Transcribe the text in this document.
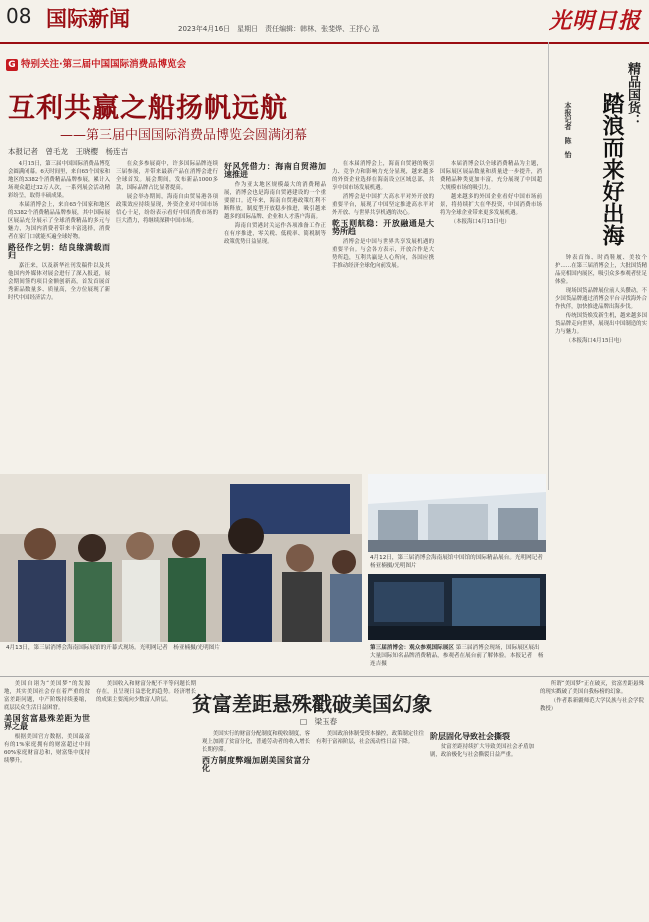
08 国际新闻	2023年4月16日　星期日　责任编辑：韩林、张斐烨、王抒心 泓	光明日报
G 特别关注·第三届中国国际消费品博览会
互利共赢之船扬帆远航
——第三届中国国际消费品博览会圆满闭幕
本报记者　曾毛龙　王晓樱　杨连吉

4月15日，第三届中国国际消费品博览会圆满闭幕。6天时间里，来自65个国家和地区的3382个消费精品品牌参展，累计入场观众超过32万人次，一系列展会活动精彩纷呈，取得丰硕成果。

本届消博会上，来自65个国家和地区的3382个消费精品品牌参展，其中国际展区展品充分展示了全球消费精品的多元与魅力，为国内消费者带来丰富选择，消费者在家门口就能买遍全球好物。

路径作之钥：结良缘满载而归

嘉汪来，以及新华社刊发稿件以及其他国内外媒体对展会进行了深入报道，展会期间签约项目金额创新高，首发首展首秀新品数量多、质量高，全方位展现了新时代中国经济活力。

在众多参展商中，许多国际品牌连续三届参展，并带来最新产品在消博会进行全球首发。展会期间，发布新品1000多款，国际品牌占比显著提高。

展会举办期间，海南自由贸易港各项政策效应持续显现，外资企业对中国市场信心十足，纷纷表示看好中国消费市场的巨大潜力，将继续深耕中国市场。

好风凭借力：海南自贸港加速推进

作为亚太地区规模最大的消费精品展，消博会也是海南自贸港建设的一个重要窗口。近年来，海南自贸港政策红利不断释放，制度型开放稳步推进，吸引越来越多的国际品牌、企业和人才落户海南。

海南自贸港封关运作各项准备工作正在有序推进，零关税、低税率、简税制等政策优势日益显现。

在本届消博会上，海南自贸港的吸引力、竞争力和影响力充分显现，越来越多的外资企业选择在海南设立区域总部，共享中国市场发展机遇。

消博会是中国扩大高水平对外开放的重要平台，展现了中国坚定推进高水平对外开放、与世界共享机遇的决心。

乾玉则航稳：开放融通是大势所趋

消博会是中国与世界共享发展机遇的重要平台。与会各方表示，开放合作是大势所趋，互利共赢是人心所向，各国应携手推动经济全球化向前发展。

本届消博会以全球消费精品为主题，国际展区展品数量和质量进一步提升，消费精品种类更加丰富，充分展现了中国超大规模市场的吸引力。

越来越多的外国企业看好中国市场前景，将持续扩大在华投资，中国消费市场将为全球企业带来更多发展机遇。

（本报海口4月15日电）

精品国货：
踏浪而来好出海
本报记者　陈　怡

钟表首饰、时尚鞋履、美妆个护……在第三届消博会上，大批国货精品亮相国内展区，吸引众多参观者驻足体验。

现场国货品牌展位前人头攒动，不少国货品牌通过消博会平台寻找海外合作伙伴，加快推进品牌出海步伐。

传统国货焕发新生机，越来越多国货品牌走向世界，展现出中国制造的实力与魅力。

（本报海口4月15日电）

4月12日，第三届消博会海南展馆中国馆的国际精品展台。光明网记者　杨亚楠摄/光明图片
第三届消博会：观众参观国际展区 第三届消博会现场，国际展区展出大量国际知名品牌消费精品，参观者在展台前了解体验。本报记者　杨连吉摄
4月13日，第三届消博会海南国际展馆的开幕式现场。光明网记者　杨亚楠摄/光明图片
贫富差距悬殊戳破美国幻象
□　梁玉春

美国自诩为“美国梦”的发源地，其实美国社会存在着严重的贫富差距问题，中产阶级持续萎缩，底层民众生活日益困窘。

美国贫富悬殊差距为世界之最

根据美国官方数据，美国最富有的1%家庭拥有的财富超过中间60%家庭财富总和，财富集中度持续攀升。

美国收入和财富分配不平等问题长期存在，且呈现日益恶化的趋势。经济增长的成果主要流向少数富人阶层。

美国实行的财富分配制度和税收制度，客观上加剧了贫富分化，普通劳动者的收入增长长期停滞。

西方制度弊端加剧美国贫富分化

美国政治体制受资本操控，政策制定往往有利于富裕阶层，社会流动性日益下降。

阶层固化导致社会撕裂

贫富差距持续扩大导致美国社会矛盾加剧，政治极化与社会撕裂日益严重。

所谓“美国梦”正在破灭，贫富差距悬殊的现实戳破了美国自我标榜的幻象。

（作者系新疆师范大学民族与社会学院教授）
